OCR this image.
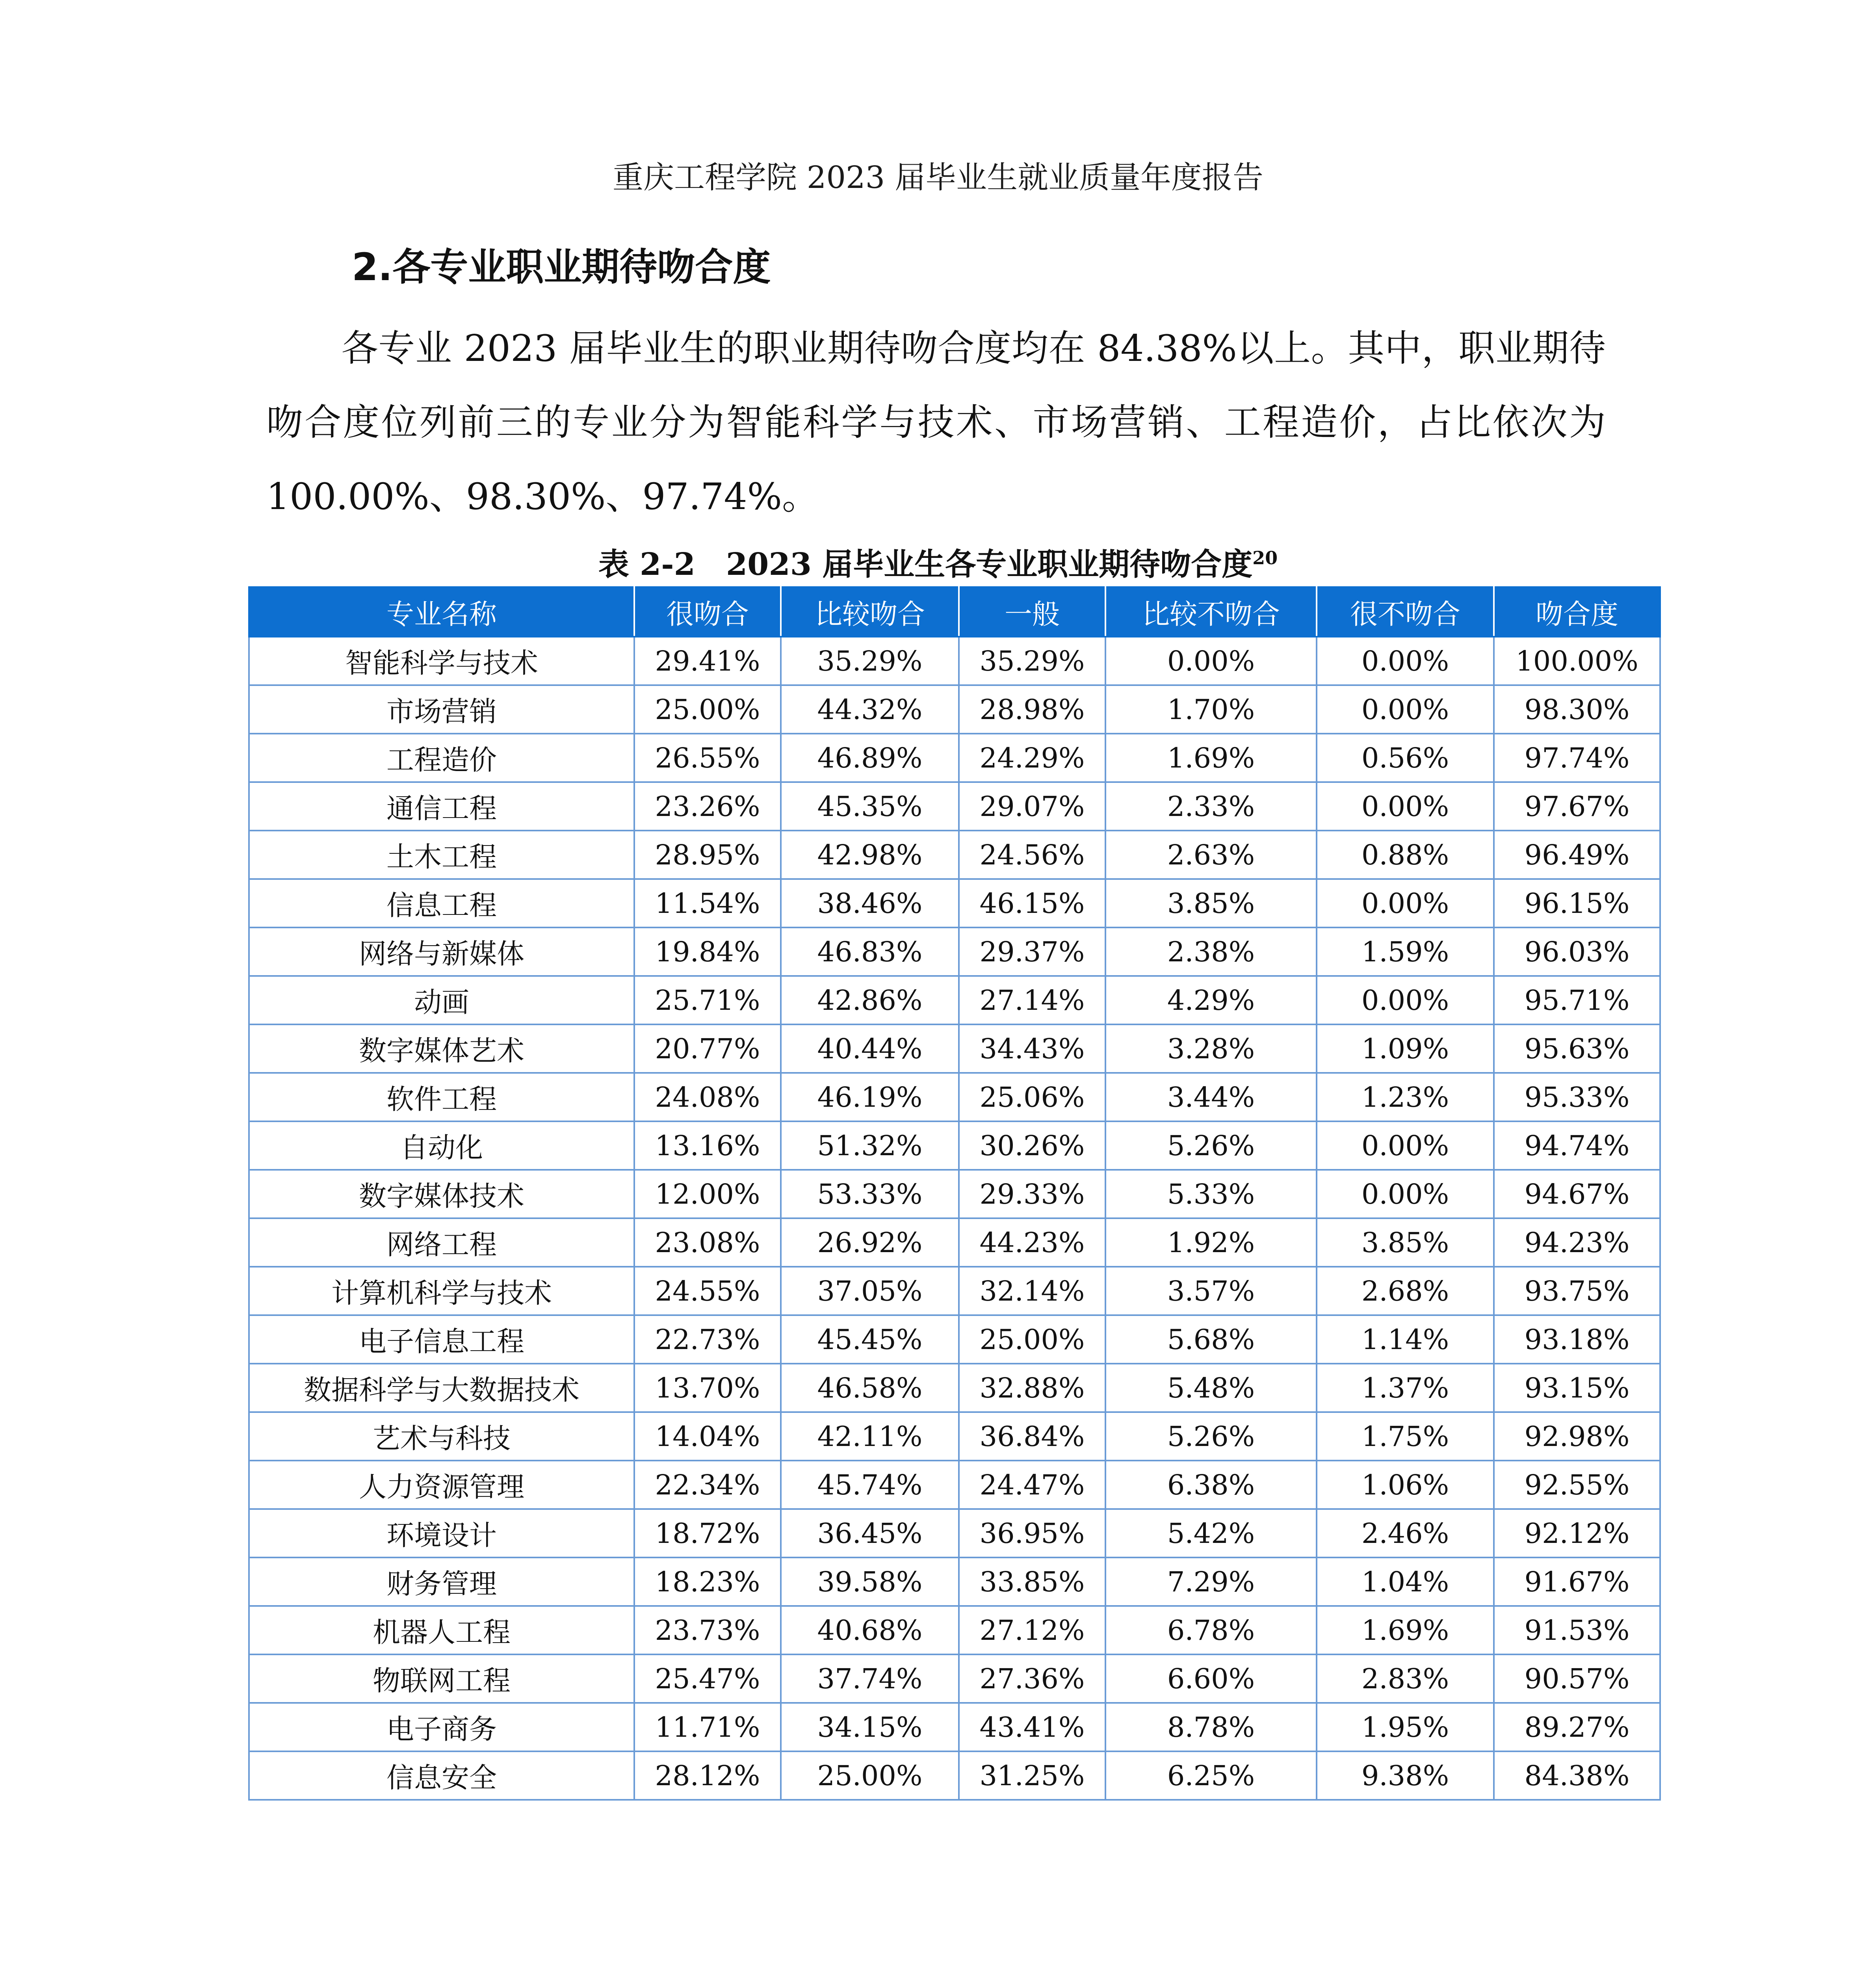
重庆工程学院 2023 届毕业生就业质量年度报告
2.各专业职业期待吻合度

各专业 2023 届毕业生的职业期待吻合度均在 84.38%以上。其中，职业期待吻合度位列前三的专业分为智能科学与技术、市场营销、工程造价，占比依次为 100.00%、98.30%、97.74%。

表 2-2　2023 届毕业生各专业职业期待吻合度$^{20}$
专业名称	很吻合	比较吻合	一般	比较不吻合	很不吻合	吻合度
智能科学与技术	29.41%	35.29%	35.29%	0.00%	0.00%	100.00%
市场营销	25.00%	44.32%	28.98%	1.70%	0.00%	98.30%
工程造价	26.55%	46.89%	24.29%	1.69%	0.56%	97.74%
通信工程	23.26%	45.35%	29.07%	2.33%	0.00%	97.67%
土木工程	28.95%	42.98%	24.56%	2.63%	0.88%	96.49%
信息工程	11.54%	38.46%	46.15%	3.85%	0.00%	96.15%
网络与新媒体	19.84%	46.83%	29.37%	2.38%	1.59%	96.03%
动画	25.71%	42.86%	27.14%	4.29%	0.00%	95.71%
数字媒体艺术	20.77%	40.44%	34.43%	3.28%	1.09%	95.63%
软件工程	24.08%	46.19%	25.06%	3.44%	1.23%	95.33%
自动化	13.16%	51.32%	30.26%	5.26%	0.00%	94.74%
数字媒体技术	12.00%	53.33%	29.33%	5.33%	0.00%	94.67%
网络工程	23.08%	26.92%	44.23%	1.92%	3.85%	94.23%
计算机科学与技术	24.55%	37.05%	32.14%	3.57%	2.68%	93.75%
电子信息工程	22.73%	45.45%	25.00%	5.68%	1.14%	93.18%
数据科学与大数据技术	13.70%	46.58%	32.88%	5.48%	1.37%	93.15%
艺术与科技	14.04%	42.11%	36.84%	5.26%	1.75%	92.98%
人力资源管理	22.34%	45.74%	24.47%	6.38%	1.06%	92.55%
环境设计	18.72%	36.45%	36.95%	5.42%	2.46%	92.12%
财务管理	18.23%	39.58%	33.85%	7.29%	1.04%	91.67%
机器人工程	23.73%	40.68%	27.12%	6.78%	1.69%	91.53%
物联网工程	25.47%	37.74%	27.36%	6.60%	2.83%	90.57%
电子商务	11.71%	34.15%	43.41%	8.78%	1.95%	89.27%
信息安全	28.12%	25.00%	31.25%	6.25%	9.38%	84.38%
